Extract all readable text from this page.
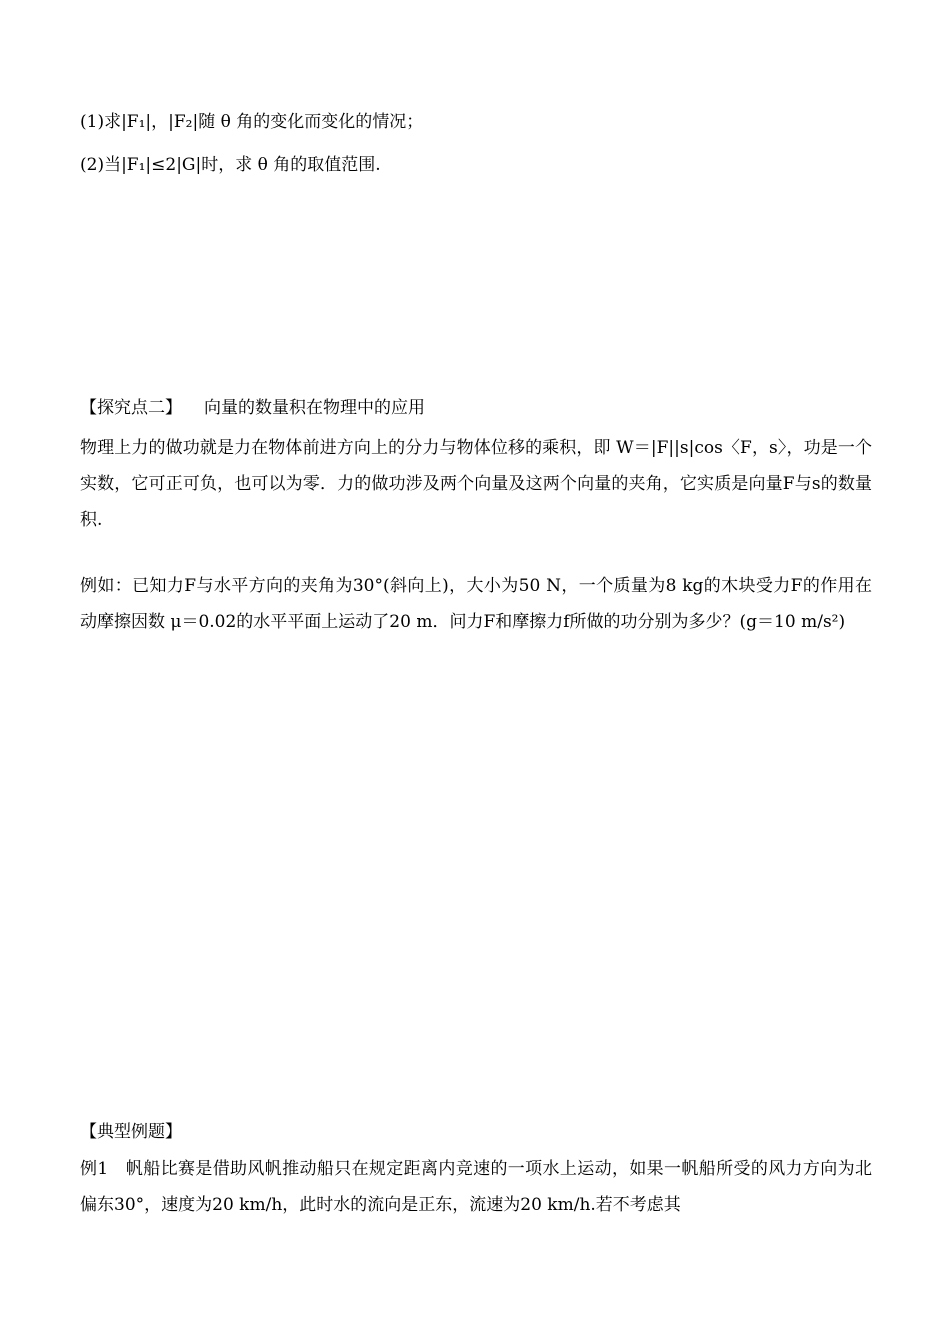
(1)求|F₁|，|F₂|随 θ 角的变化而变化的情况；
(2)当|F₁|≤2|G|时，求 θ 角的取值范围.
【探究点二】 向量的数量积在物理中的应用
物理上力的做功就是力在物体前进方向上的分力与物体位移的乘积，即 W＝|F||s|cos〈F，s〉，功是一个实数，它可正可负，也可以为零．力的做功涉及两个向量及这两个向量的夹角，它实质是向量F与s的数量积.
例如：已知力F与水平方向的夹角为30°(斜向上)，大小为50 N，一个质量为8 kg的木块受力F的作用在动摩擦因数 μ＝0.02的水平平面上运动了20 m．问力F和摩擦力f所做的功分别为多少？(g＝10 m/s²)
【典型例题】
例1　帆船比赛是借助风帆推动船只在规定距离内竞速的一项水上运动，如果一帆船所受的风力方向为北偏东30°，速度为20 km/h，此时水的流向是正东，流速为20 km/h.若不考虑其
